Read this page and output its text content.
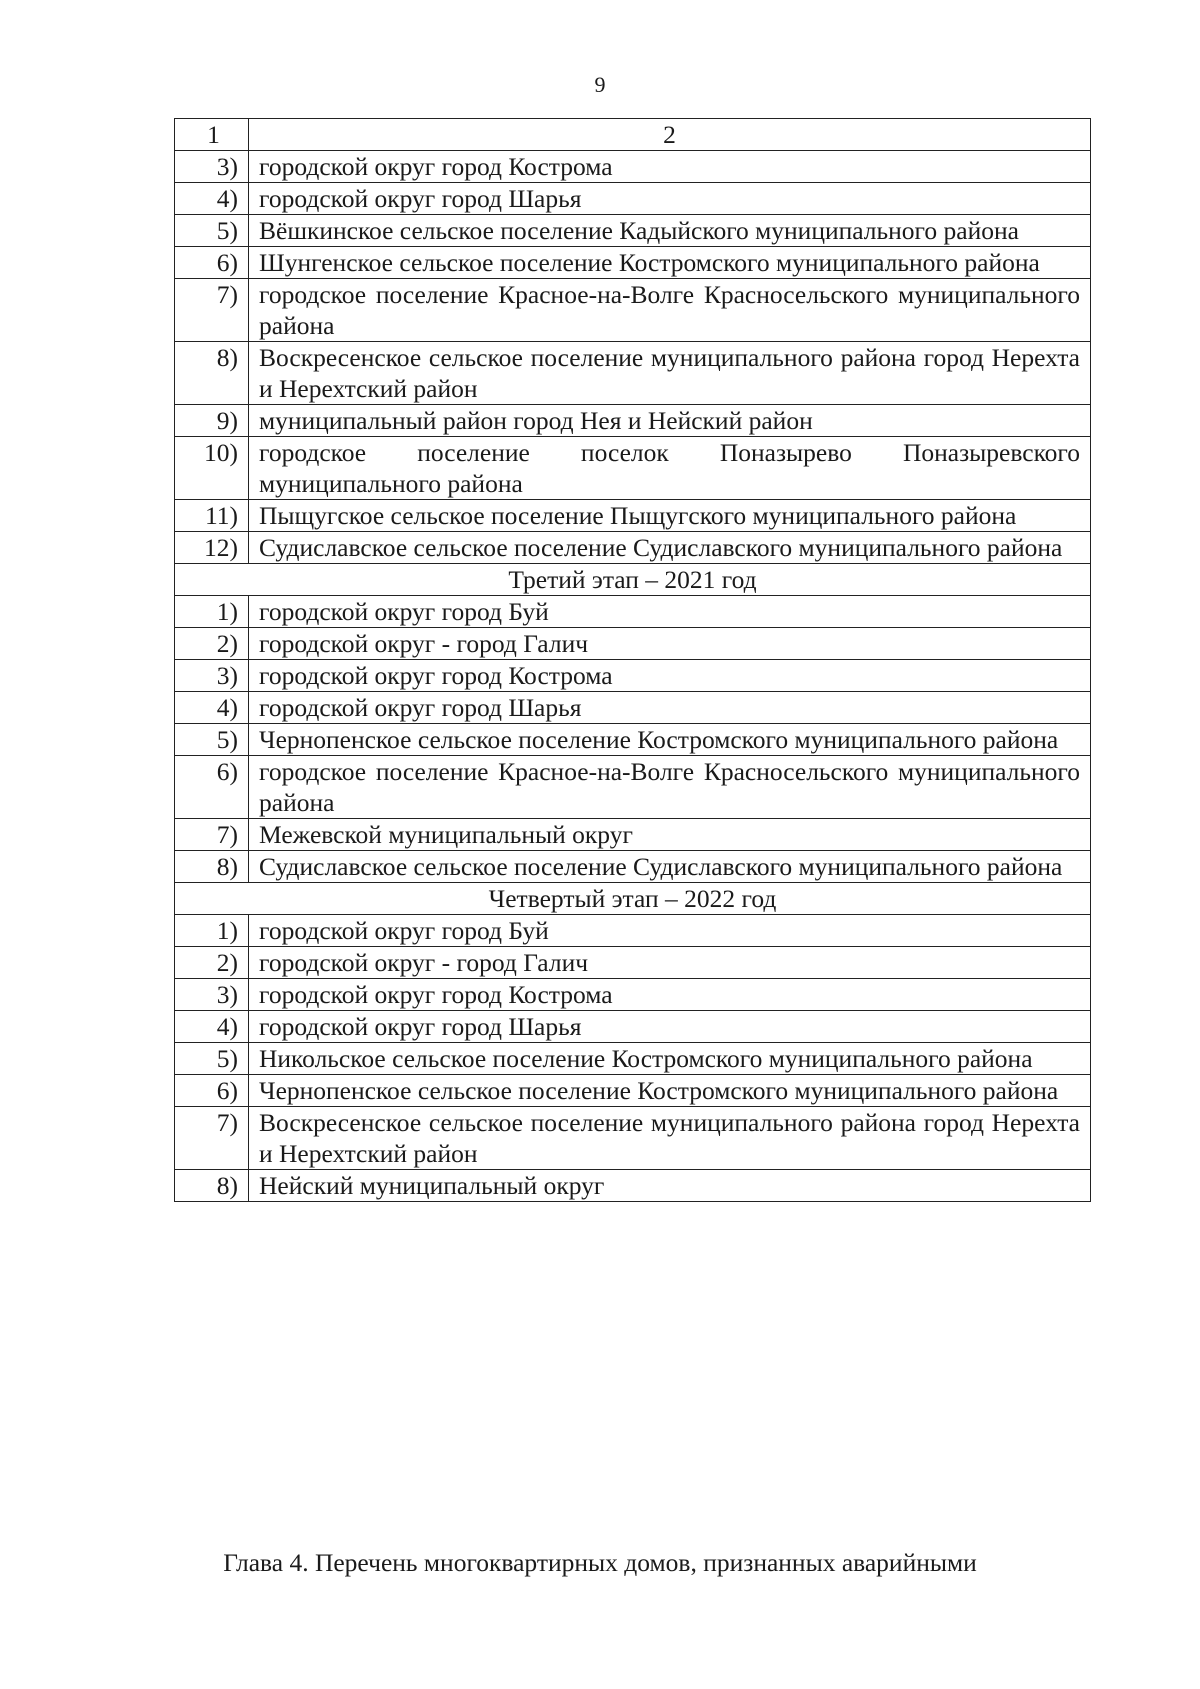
9
1	2
3)	городской округ город Кострома
4)	городской округ город Шарья
5)	Вёшкинское сельское поселение Кадыйского муниципального района
6)	Шунгенское сельское поселение Костромского муниципального района
7)	городское поселение Красное-на-Волге Красносельского муниципального района
8)	Воскресенское сельское поселение муниципального района город Нерехта и Нерехтский район
9)	муниципальный район город Нея и Нейский район
10)	городское поселение поселок Поназырево Поназыревского муниципального района
11)	Пыщугское сельское поселение Пыщугского муниципального района
12)	Судиславское сельское поселение Судиславского муниципального района
Третий этап – 2021 год	
1)	городской округ город Буй
2)	городской округ - город Галич
3)	городской округ город Кострома
4)	городской округ город Шарья
5)	Чернопенское сельское поселение Костромского муниципального района
6)	городское поселение Красное-на-Волге Красносельского муниципального района
7)	Межевской муниципальный округ
8)	Судиславское сельское поселение Судиславского муниципального района
Четвертый этап – 2022 год	
1)	городской округ город Буй
2)	городской округ - город Галич
3)	городской округ город Кострома
4)	городской округ город Шарья
5)	Никольское сельское поселение Костромского муниципального района
6)	Чернопенское сельское поселение Костромского муниципального района
7)	Воскресенское сельское поселение муниципального района город Нерехта и Нерехтский район
8)	Нейский муниципальный округ
Глава 4. Перечень многоквартирных домов, признанных аварийными
